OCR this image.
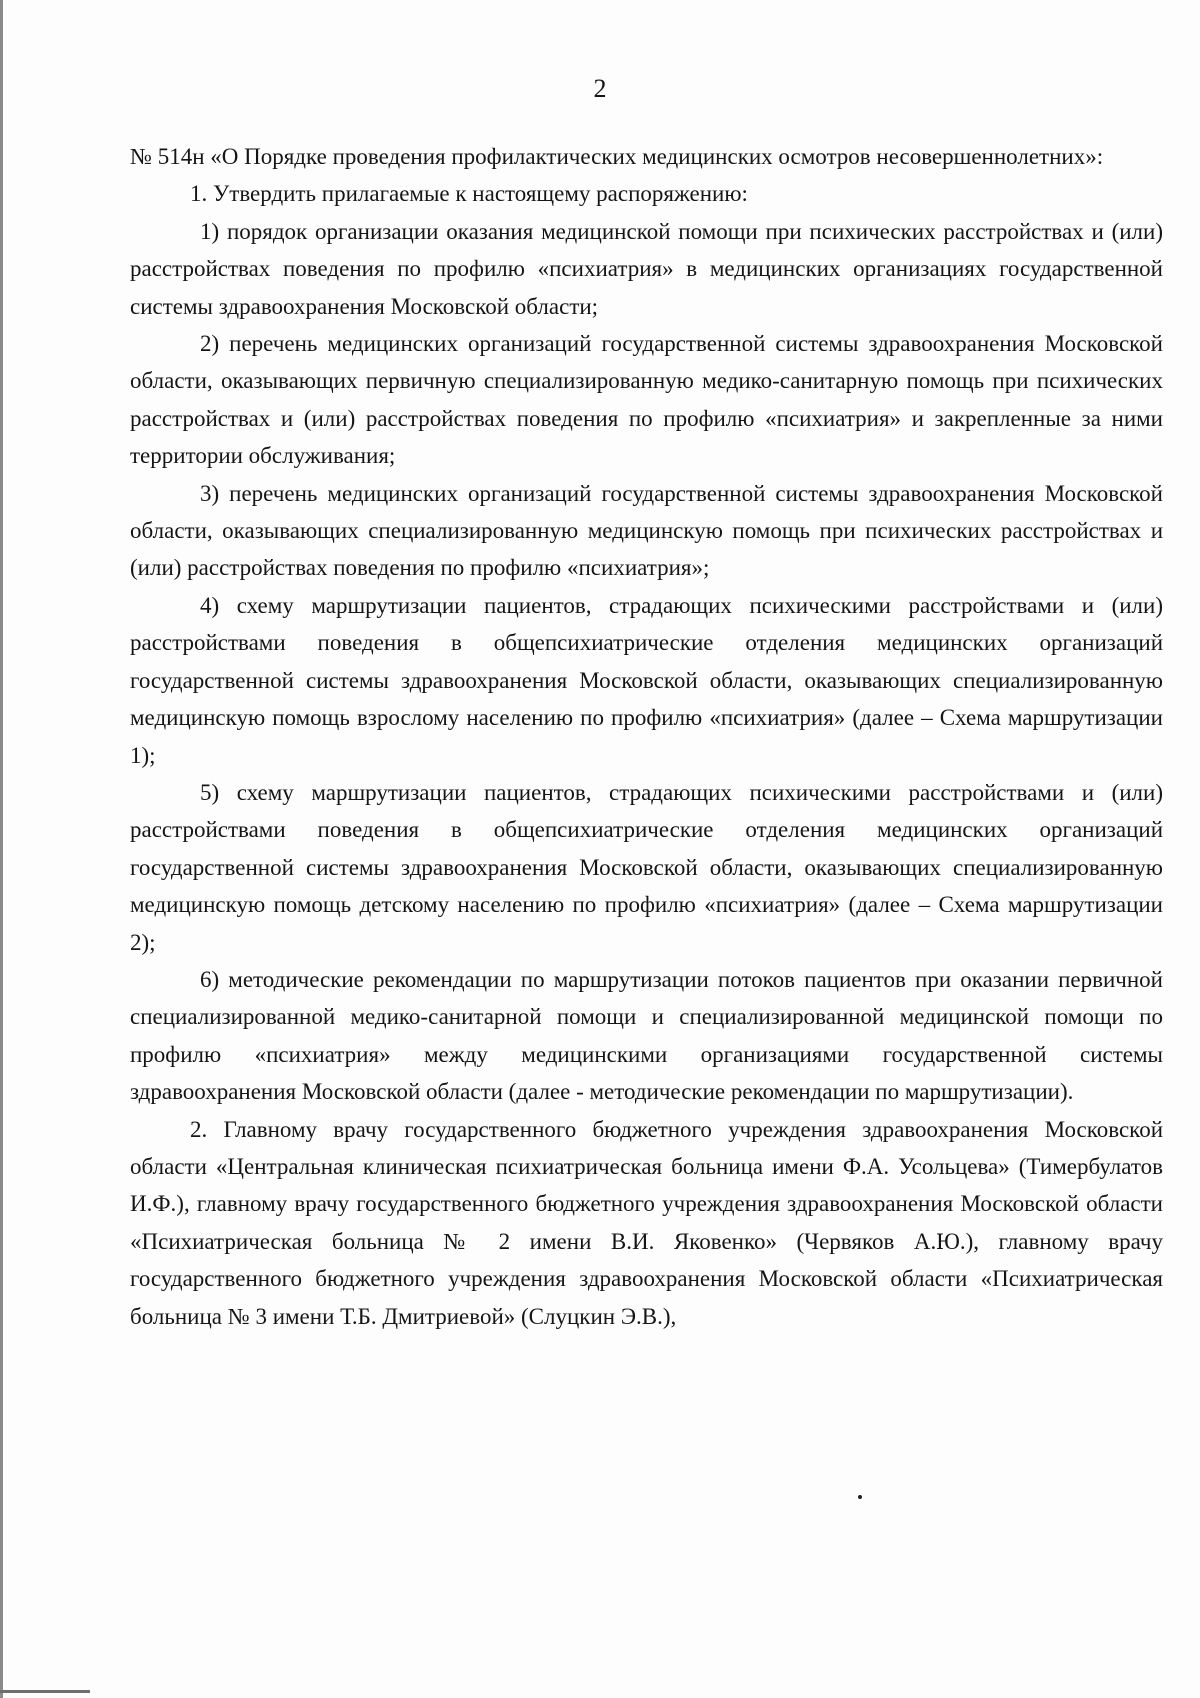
2

№ 514н «О Порядке проведения профилактических медицинских осмотров несовершеннолетних»:

1. Утвердить прилагаемые к настоящему распоряжению:

1) порядок организации оказания медицинской помощи при психических расстройствах и (или) расстройствах поведения по профилю «психиатрия» в медицинских организациях государственной системы здравоохранения Московской области;

2) перечень медицинских организаций государственной системы здравоохранения Московской области, оказывающих первичную специализированную медико-санитарную помощь при психических расстройствах и (или) расстройствах поведения по профилю «психиатрия» и закрепленные за ними территории обслуживания;

3) перечень медицинских организаций государственной системы здравоохранения Московской области, оказывающих специализированную медицинскую помощь при психических расстройствах и (или) расстройствах поведения по профилю «психиатрия»;

4) схему маршрутизации пациентов, страдающих психическими расстройствами и (или) расстройствами поведения в общепсихиатрические отделения медицинских организаций государственной системы здравоохранения Московской области, оказывающих специализированную медицинскую помощь взрослому населению по профилю «психиатрия» (далее – Схема маршрутизации 1);

5) схему маршрутизации пациентов, страдающих психическими расстройствами и (или) расстройствами поведения в общепсихиатрические отделения медицинских организаций государственной системы здравоохранения Московской области, оказывающих специализированную медицинскую помощь детскому населению по профилю «психиатрия» (далее – Схема маршрутизации 2);

6) методические рекомендации по маршрутизации потоков пациентов при оказании первичной специализированной медико-санитарной помощи и специализированной медицинской помощи по профилю «психиатрия» между медицинскими организациями государственной системы здравоохранения Московской области (далее - методические рекомендации по маршрутизации).

2. Главному врачу государственного бюджетного учреждения здравоохранения Московской области «Центральная клиническая психиатрическая больница имени Ф.А. Усольцева» (Тимербулатов И.Ф.), главному врачу государственного бюджетного учреждения здравоохранения Московской области «Психиатрическая больница № 2 имени В.И. Яковенко» (Червяков А.Ю.), главному врачу государственного бюджетного учреждения здравоохранения Московской области «Психиатрическая больница № 3 имени Т.Б. Дмитриевой» (Слуцкин Э.В.),
